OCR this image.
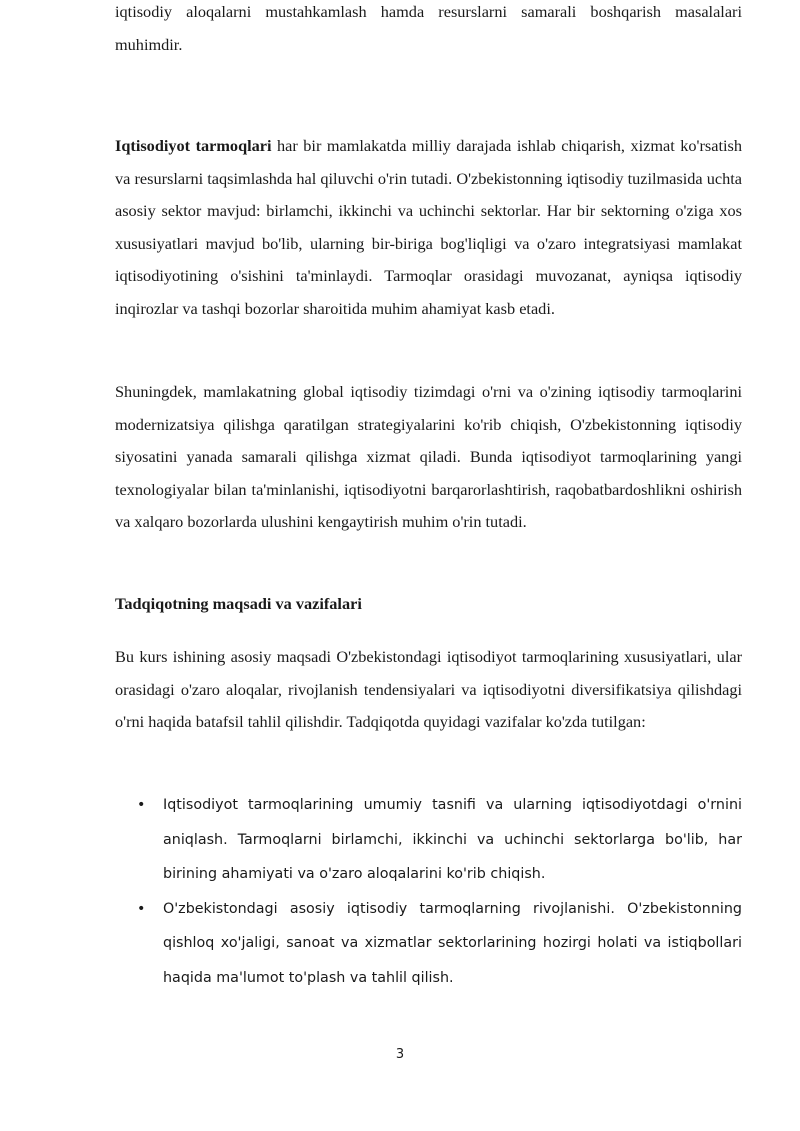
iqtisodiy aloqalarni mustahkamlash hamda resurslarni samarali boshqarish masalalari muhimdir.

Iqtisodiyot tarmoqlari har bir mamlakatda milliy darajada ishlab chiqarish, xizmat ko'rsatish va resurslarni taqsimlashda hal qiluvchi o'rin tutadi. O'zbekistonning iqtisodiy tuzilmasida uchta asosiy sektor mavjud: birlamchi, ikkinchi va uchinchi sektorlar. Har bir sektorning o'ziga xos xususiyatlari mavjud bo'lib, ularning bir-biriga bog'liqligi va o'zaro integratsiyasi mamlakat iqtisodiyotining o'sishini ta'minlaydi. Tarmoqlar orasidagi muvozanat, ayniqsa iqtisodiy inqirozlar va tashqi bozorlar sharoitida muhim ahamiyat kasb etadi.

Shuningdek, mamlakatning global iqtisodiy tizimdagi o'rni va o'zining iqtisodiy tarmoqlarini modernizatsiya qilishga qaratilgan strategiyalarini ko'rib chiqish, O'zbekistonning iqtisodiy siyosatini yanada samarali qilishga xizmat qiladi. Bunda iqtisodiyot tarmoqlarining yangi texnologiyalar bilan ta'minlanishi, iqtisodiyotni barqarorlashtirish, raqobatbardoshlikni oshirish va xalqaro bozorlarda ulushini kengaytirish muhim o'rin tutadi.

Tadqiqotning maqsadi va vazifalari

Bu kurs ishining asosiy maqsadi O'zbekistondagi iqtisodiyot tarmoqlarining xususiyatlari, ular orasidagi o'zaro aloqalar, rivojlanish tendensiyalari va iqtisodiyotni diversifikatsiya qilishdagi o'rni haqida batafsil tahlil qilishdir. Tadqiqotda quyidagi vazifalar ko'zda tutilgan:

• Iqtisodiyot tarmoqlarining umumiy tasnifi va ularning iqtisodiyotdagi o'rnini aniqlash. Tarmoqlarni birlamchi, ikkinchi va uchinchi sektorlarga bo'lib, har birining ahamiyati va o'zaro aloqalarini ko'rib chiqish.
• O'zbekistondagi asosiy iqtisodiy tarmoqlarning rivojlanishi. O'zbekistonning qishloq xo'jaligi, sanoat va xizmatlar sektorlarining hozirgi holati va istiqbollari haqida ma'lumot to'plash va tahlil qilish.
3
